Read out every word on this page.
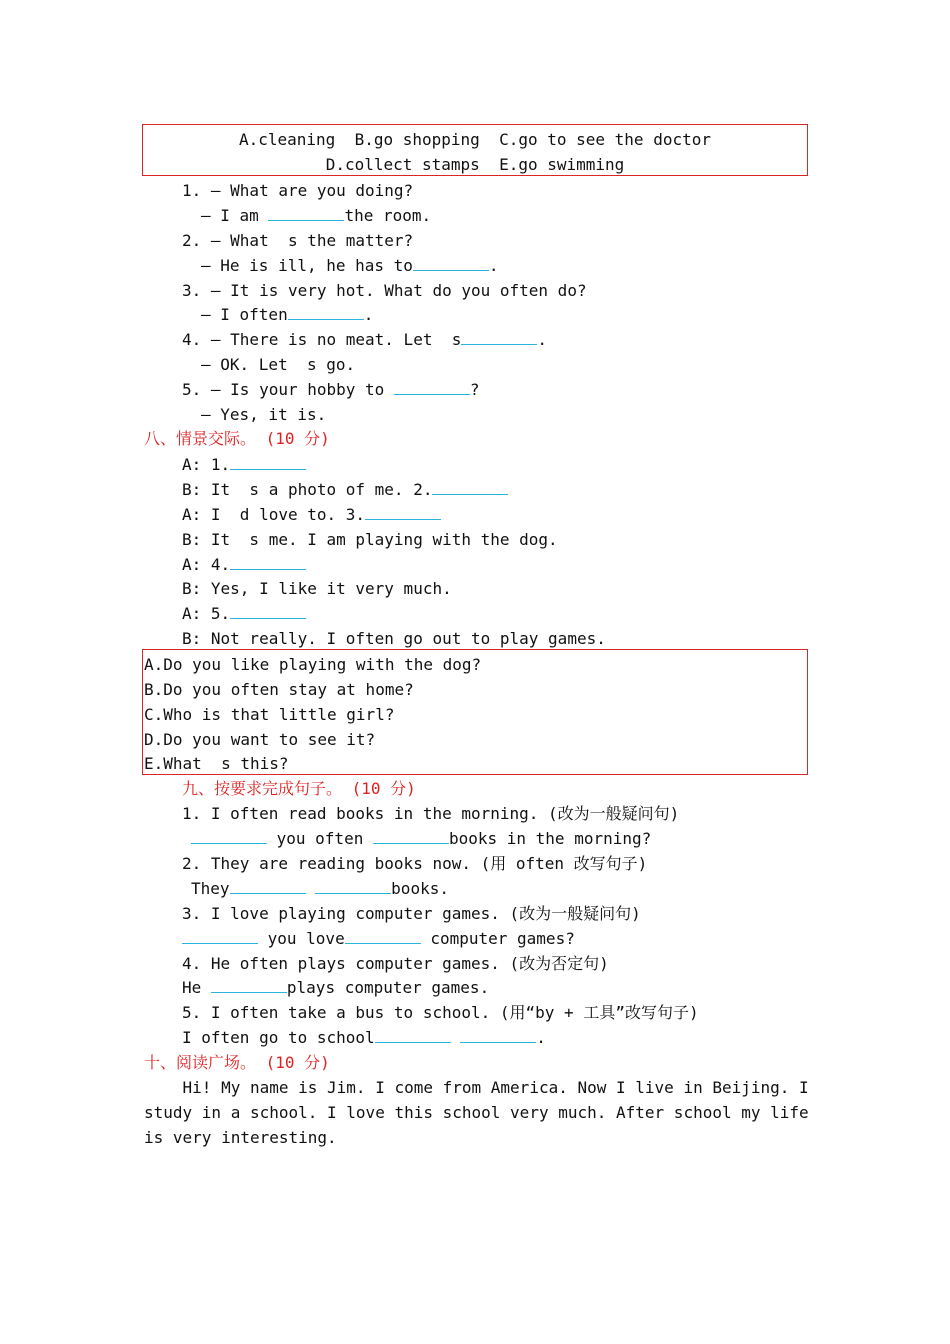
A.cleaning  B.go shopping  C.go to see the doctor
D.collect stamps  E.go swimming
1. — What are you doing?
— I am	the room.
2. — What  s the matter?
— He is ill, he has to	.
3. — It is very hot. What do you often do?
— I often	.
4. — There is no meat. Let  s	.
— OK. Let  s go.
5. — Is your hobby to	?
— Yes, it is.
八、情景交际。 (10 分)
A: 1.
B: It  s a photo of me. 2.
A: I  d love to. 3.
B: It  s me. I am playing with the dog.
A: 4.
B: Yes, I like it very much.
A: 5.
B: Not really. I often go out to play games.
A.Do you like playing with the dog?
B.Do you often stay at home?
C.Who is that little girl?
D.Do you want to see it?
E.What  s this?
九、按要求完成句子。 (10 分)
1. I often read books in the morning. (改为一般疑问句)
you often	books in the morning?
2. They are reading books now. (用 often 改写句子)
They	books.
3. I love playing computer games. (改为一般疑问句)
you love	computer games?
4. He often plays computer games. (改为否定句)
He	plays computer games.
5. I often take a bus to school. (用“by + 工具”改写句子)
I often go to school	.
十、阅读广场。 (10 分)
Hi! My name is Jim. I come from America. Now I live in Beijing. I
study in a school. I love this school very much. After school my life
is very interesting.
